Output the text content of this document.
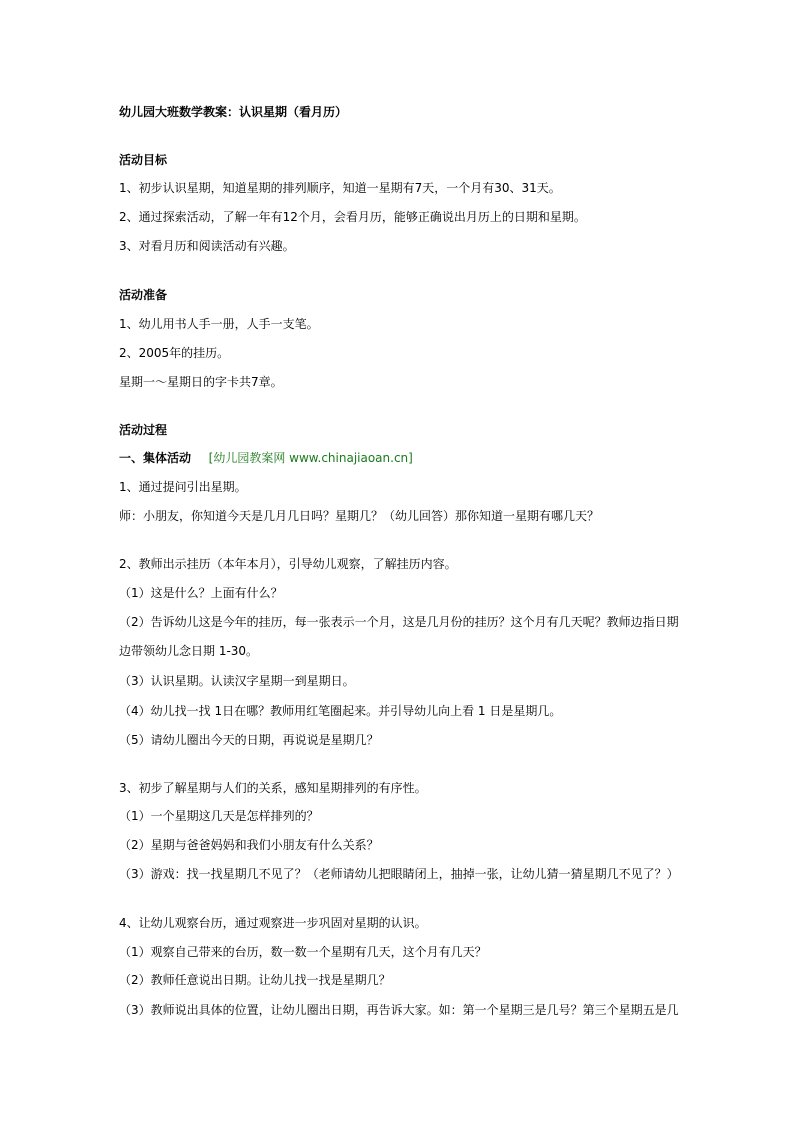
幼儿园大班数学教案：认识星期（看月历）
活动目标
1、初步认识星期，知道星期的排列顺序，知道一星期有7天，一个月有30、31天。
2、通过探索活动，了解一年有12个月，会看月历，能够正确说出月历上的日期和星期。
3、对看月历和阅读活动有兴趣。
活动准备
1、幼儿用书人手一册，人手一支笔。
2、2005年的挂历。
星期一～星期日的字卡共7章。
活动过程
一、集体活动 [幼儿园教案网 www.chinajiaoan.cn]
1、通过提问引出星期。
师：小朋友，你知道今天是几月几日吗？星期几？（幼儿回答）那你知道一星期有哪几天？
2、教师出示挂历（本年本月），引导幼儿观察，了解挂历内容。
（1）这是什么？上面有什么？
（2）告诉幼儿这是今年的挂历，每一张表示一个月，这是几月份的挂历？这个月有几天呢？教师边指日期边带领幼儿念日期 1-30。
（3）认识星期。认读汉字星期一到星期日。
（4）幼儿找一找 1日在哪？教师用红笔圈起来。并引导幼儿向上看 1 日是星期几。
（5）请幼儿圈出今天的日期，再说说是星期几？
3、初步了解星期与人们的关系，感知星期排列的有序性。
（1）一个星期这几天是怎样排列的？
（2）星期与爸爸妈妈和我们小朋友有什么关系？
（3）游戏：找一找星期几不见了？（老师请幼儿把眼睛闭上，抽掉一张，让幼儿猜一猜星期几不见了？）
4、让幼儿观察台历，通过观察进一步巩固对星期的认识。
（1）观察自己带来的台历，数一数一个星期有几天，这个月有几天？
（2）教师任意说出日期。让幼儿找一找是星期几？
（3）教师说出具体的位置，让幼儿圈出日期，再告诉大家。如：第一个星期三是几号？第三个星期五是几
